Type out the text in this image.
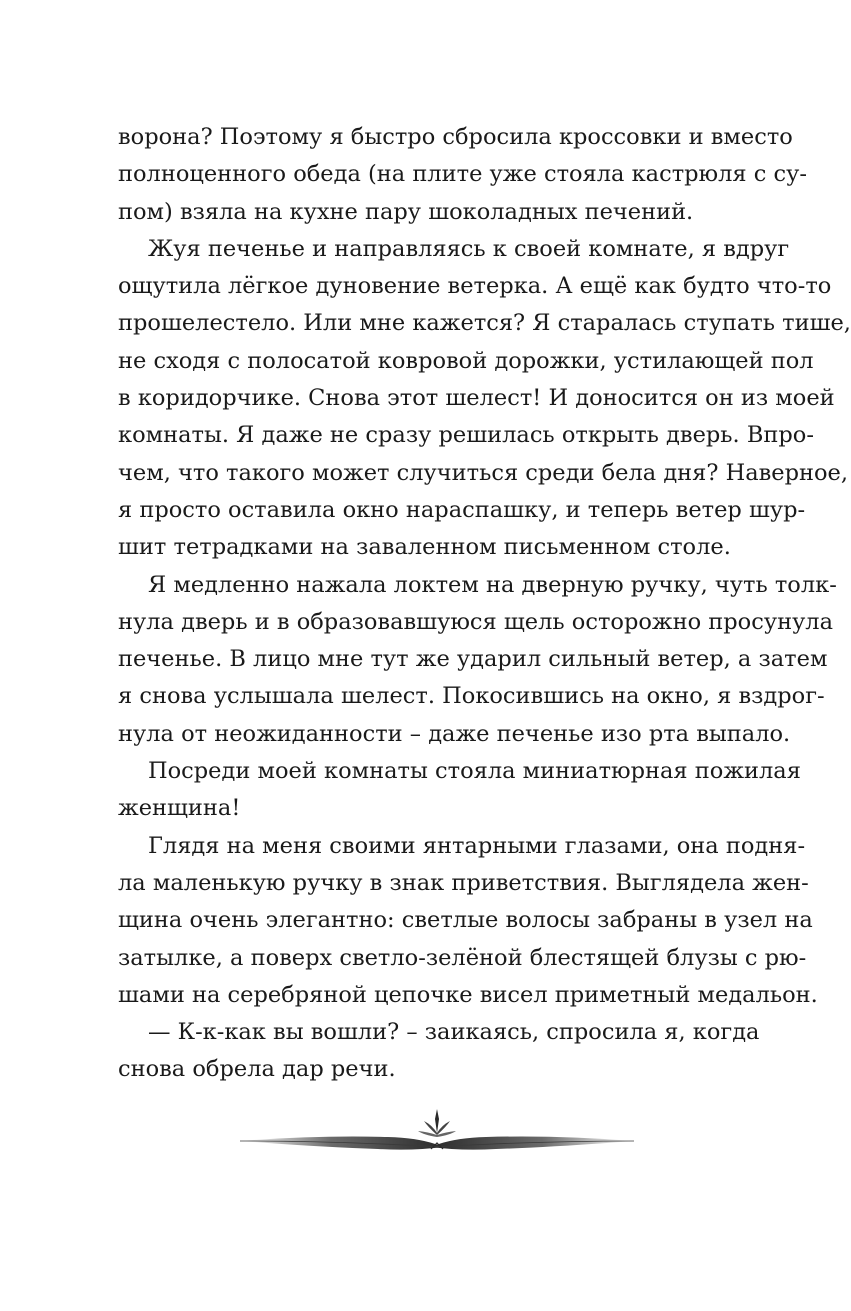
ворона? Поэтому я быстро сбросила кроссовки и вместо
полноценного обеда (на плите уже стояла кастрюля с су-
пом) взяла на кухне пару шоколадных печений.
Жуя печенье и направляясь к своей комнате, я вдруг
ощутила лёгкое дуновение ветерка. А ещё как будто что-то
прошелестело. Или мне кажется? Я старалась ступать тише,
не сходя с полосатой ковровой дорожки, устилающей пол
в коридорчике. Снова этот шелест! И доносится он из моей
комнаты. Я даже не сразу решилась открыть дверь. Впро-
чем, что такого может случиться среди бела дня? Наверное,
я просто оставила окно нараспашку, и теперь ветер шур-
шит тетрадками на заваленном письменном столе.
Я медленно нажала локтем на дверную ручку, чуть толк-
нула дверь и в образовавшуюся щель осторожно просунула
печенье. В лицо мне тут же ударил сильный ветер, а затем
я снова услышала шелест. Покосившись на окно, я вздрог-
нула от неожиданности – даже печенье изо рта выпало.
Посреди моей комнаты стояла миниатюрная пожилая
женщина!
Глядя на меня своими янтарными глазами, она подня-
ла маленькую ручку в знак приветствия. Выглядела жен-
щина очень элегантно: светлые волосы забраны в узел на
затылке, а поверх светло-зелёной блестящей блузы с рю-
шами на серебряной цепочке висел приметный медальон.
— К-к-как вы вошли? – заикаясь, спросила я, когда
снова обрела дар речи.
